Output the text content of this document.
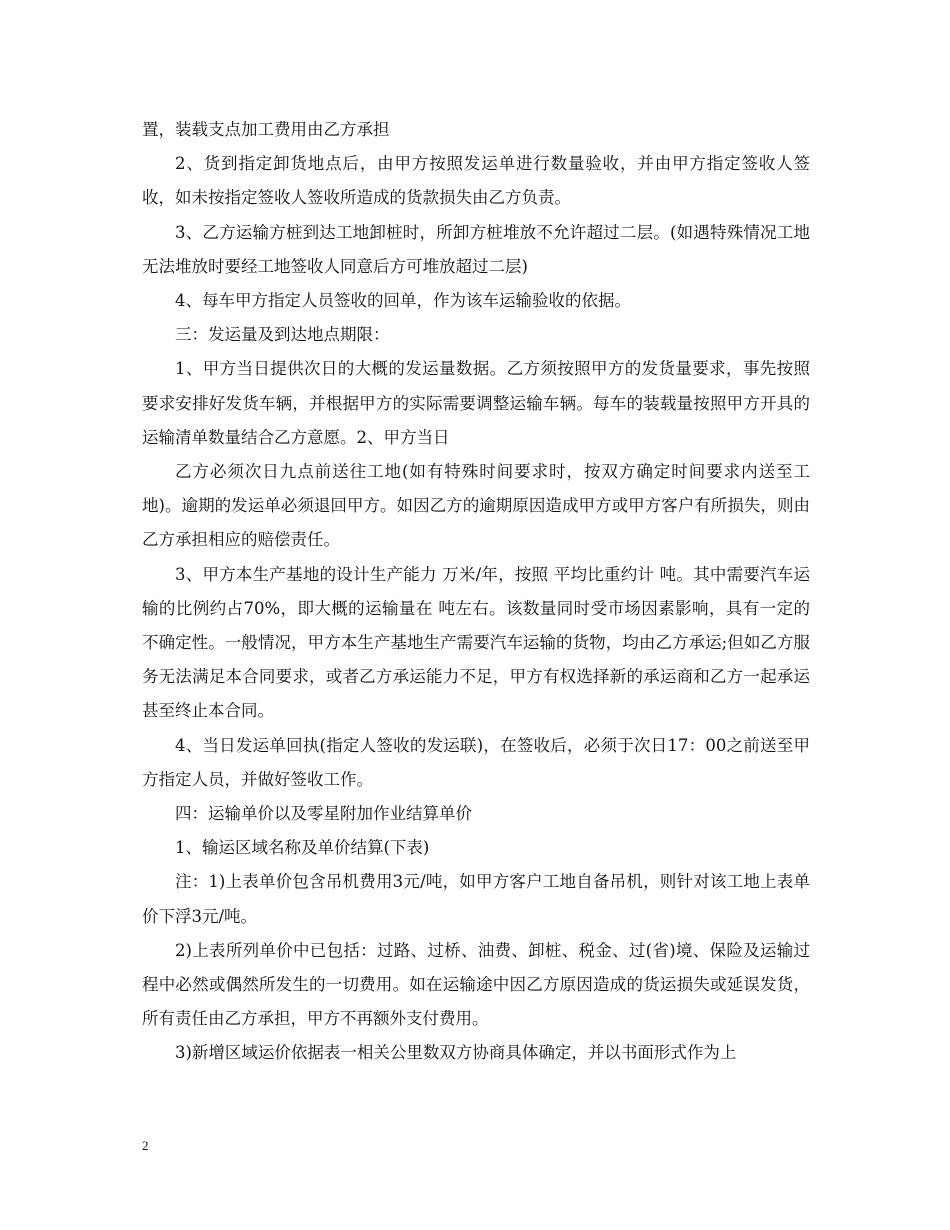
置，装载支点加工费用由乙方承担

2、货到指定卸货地点后，由甲方按照发运单进行数量验收，并由甲方指定签收人签收，如未按指定签收人签收所造成的货款损失由乙方负责。

3、乙方运输方桩到达工地卸桩时，所卸方桩堆放不允许超过二层。(如遇特殊情况工地无法堆放时要经工地签收人同意后方可堆放超过二层)

4、每车甲方指定人员签收的回单，作为该车运输验收的依据。

三：发运量及到达地点期限：

1、甲方当日提供次日的大概的发运量数据。乙方须按照甲方的发货量要求，事先按照要求安排好发货车辆，并根据甲方的实际需要调整运输车辆。每车的装载量按照甲方开具的运输清单数量结合乙方意愿。2、甲方当日

乙方必须次日九点前送往工地(如有特殊时间要求时，按双方确定时间要求内送至工地)。逾期的发运单必须退回甲方。如因乙方的逾期原因造成甲方或甲方客户有所损失，则由乙方承担相应的赔偿责任。

3、甲方本生产基地的设计生产能力 万米/年，按照 平均比重约计 吨。其中需要汽车运输的比例约占70%，即大概的运输量在 吨左右。该数量同时受市场因素影响，具有一定的不确定性。一般情况，甲方本生产基地生产需要汽车运输的货物，均由乙方承运;但如乙方服务无法满足本合同要求，或者乙方承运能力不足，甲方有权选择新的承运商和乙方一起承运甚至终止本合同。

4、当日发运单回执(指定人签收的发运联)，在签收后，必须于次日17：00之前送至甲方指定人员，并做好签收工作。

四：运输单价以及零星附加作业结算单价

1、输运区域名称及单价结算(下表)

注：1)上表单价包含吊机费用3元/吨，如甲方客户工地自备吊机，则针对该工地上表单价下浮3元/吨。

2)上表所列单价中已包括：过路、过桥、油费、卸桩、税金、过(省)境、保险及运输过程中必然或偶然所发生的一切费用。如在运输途中因乙方原因造成的货运损失或延误发货，所有责任由乙方承担，甲方不再额外支付费用。

3)新增区域运价依据表一相关公里数双方协商具体确定，并以书面形式作为上

2
